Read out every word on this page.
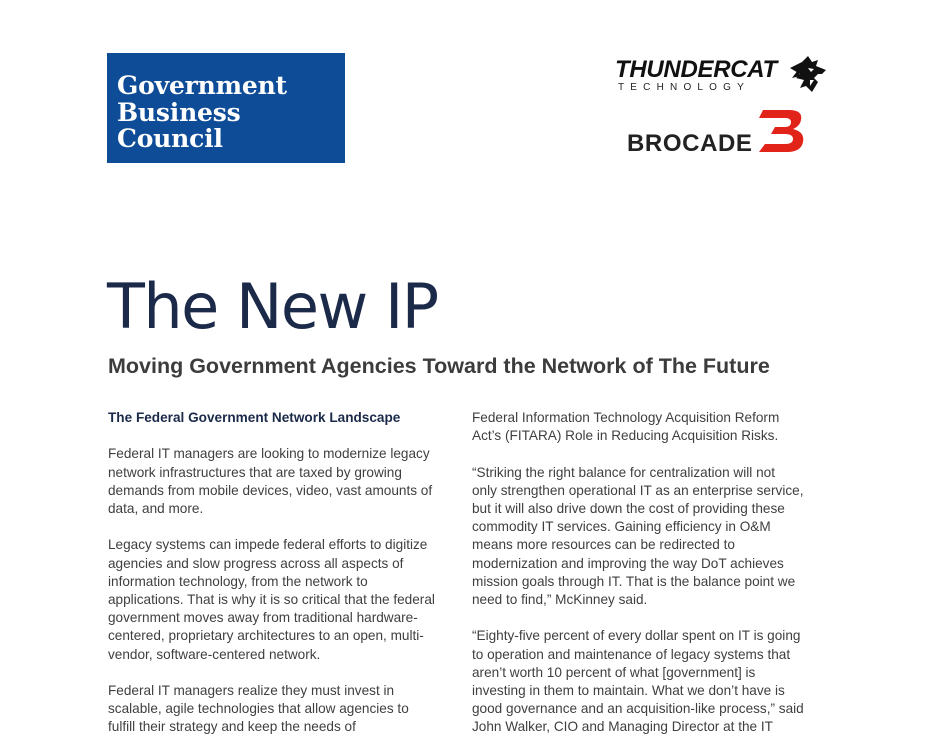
Government
Business
Council
THUNDERCAT
TECHNOLOGY
BROCADE
The New IP
Moving Government Agencies Toward the Network of The Future
The Federal Government Network Landscape

Federal IT managers are looking to modernize legacy
network infrastructures that are taxed by growing
demands from mobile devices, video, vast amounts of
data, and more.

Legacy systems can impede federal efforts to digitize
agencies and slow progress across all aspects of
information technology, from the network to
applications. That is why it is so critical that the federal
government moves away from traditional hardware-
centered, proprietary architectures to an open, multi-
vendor, software-centered network.

Federal IT managers realize they must invest in
scalable, agile technologies that allow agencies to
fulfill their strategy and keep the needs of

Federal Information Technology Acquisition Reform
Act’s (FITARA) Role in Reducing Acquisition Risks.

“Striking the right balance for centralization will not
only strengthen operational IT as an enterprise service,
but it will also drive down the cost of providing these
commodity IT services. Gaining efficiency in O&M
means more resources can be redirected to
modernization and improving the way DoT achieves
mission goals through IT. That is the balance point we
need to find,” McKinney said.

“Eighty-five percent of every dollar spent on IT is going
to operation and maintenance of legacy systems that
aren’t worth 10 percent of what [government] is
investing in them to maintain. What we don’t have is
good governance and an acquisition-like process,” said
John Walker, CIO and Managing Director at the IT
